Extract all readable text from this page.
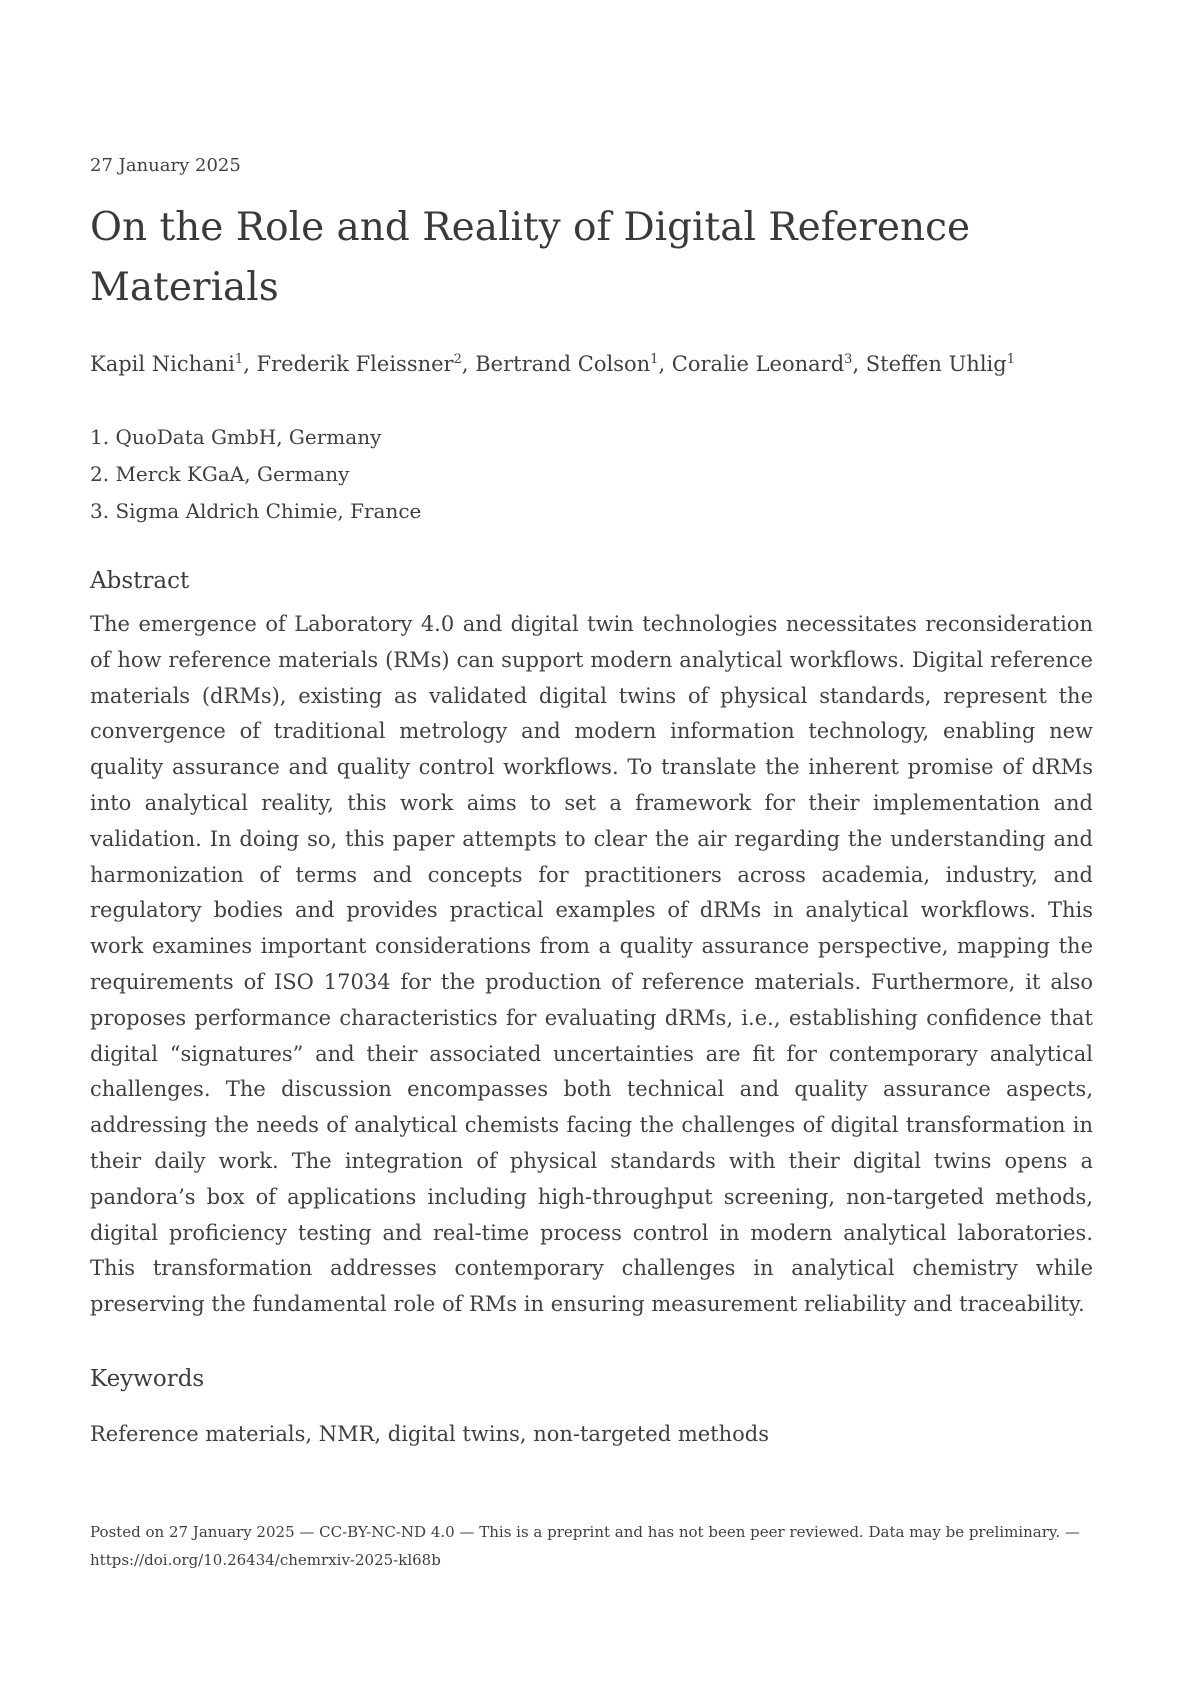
27 January 2025

On the Role and Reality of Digital Reference Materials

Kapil Nichani$^1$, Frederik Fleissner$^2$, Bertrand Colson$^1$, Coralie Leonard$^3$, Steffen Uhlig$^1$

1. QuoData GmbH, Germany

2. Merck KGaA, Germany

3. Sigma Aldrich Chimie, France

Abstract

The emergence of Laboratory 4.0 and digital twin technologies necessitates reconsideration of how reference materials (RMs) can support modern analytical workflows. Digital reference materials (dRMs), existing as validated digital twins of physical standards, represent the convergence of traditional metrology and modern information technology, enabling new quality assurance and quality control workflows. To translate the inherent promise of dRMs into analytical reality, this work aims to set a framework for their implementation and validation. In doing so, this paper attempts to clear the air regarding the understanding and harmonization of terms and concepts for practitioners across academia, industry, and regulatory bodies and provides practical examples of dRMs in analytical workflows. This work examines important considerations from a quality assurance perspective, mapping the requirements of ISO 17034 for the production of reference materials. Furthermore, it also proposes performance characteristics for evaluating dRMs, i.e., establishing confidence that digital “signatures” and their associated uncertainties are fit for contemporary analytical challenges. The discussion encompasses both technical and quality assurance aspects, addressing the needs of analytical chemists facing the challenges of digital transformation in their daily work. The integration of physical standards with their digital twins opens a pandora’s box of applications including high-throughput screening, non-targeted methods, digital proficiency testing and real-time process control in modern analytical laboratories. This transformation addresses contemporary challenges in analytical chemistry while preserving the fundamental role of RMs in ensuring measurement reliability and traceability.

Keywords

Reference materials, NMR, digital twins, non-targeted methods

Posted on 27 January 2025 — CC-BY-NC-ND 4.0 — This is a preprint and has not been peer reviewed. Data may be preliminary. — https://doi.org/10.26434/chemrxiv-2025-kl68b
